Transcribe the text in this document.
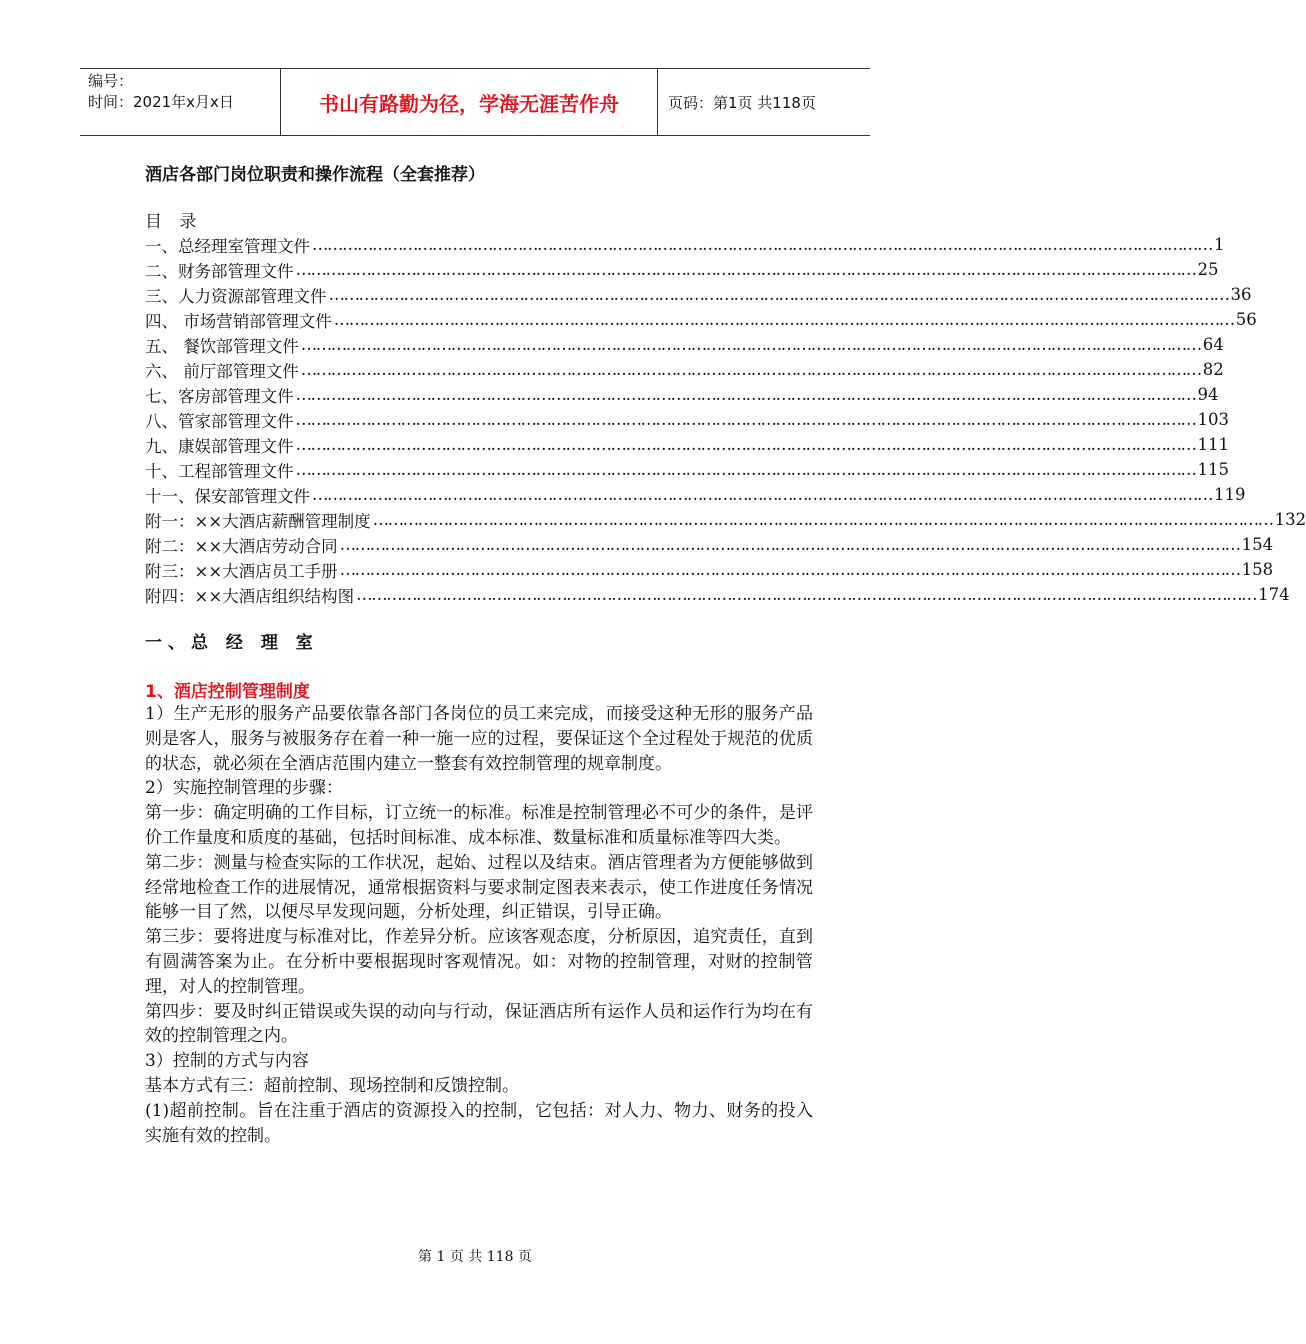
编号：
时间：2021年x月x日	书山有路勤为径，学海无涯苦作舟	页码：第1页 共118页
酒店各部门岗位职责和操作流程（全套推荐）
目 录
一、总经理室管理文件 ……………………………………………………………………………………………………………………………………………………………… 1
二、财务部管理文件 ……………………………………………………………………………………………………………………………………………………………… 25
三、人力资源部管理文件 ……………………………………………………………………………………………………………………………………………………………… 36
四、 市场营销部管理文件 ……………………………………………………………………………………………………………………………………………………………… 56
五、 餐饮部管理文件 ……………………………………………………………………………………………………………………………………………………………… 64
六、 前厅部管理文件 ……………………………………………………………………………………………………………………………………………………………… 82
七、客房部管理文件 ……………………………………………………………………………………………………………………………………………………………… 94
八、管家部管理文件 ……………………………………………………………………………………………………………………………………………………………… 103
九、康娱部管理文件 ……………………………………………………………………………………………………………………………………………………………… 111
十、工程部管理文件 ……………………………………………………………………………………………………………………………………………………………… 115
十一、保安部管理文件 ……………………………………………………………………………………………………………………………………………………………… 119
附一：××大酒店薪酬管理制度 ……………………………………………………………………………………………………………………………………………………………… 132
附二：××大酒店劳动合同 ……………………………………………………………………………………………………………………………………………………………… 154
附三：××大酒店员工手册 ……………………………………………………………………………………………………………………………………………………………… 158
附四：××大酒店组织结构图 ……………………………………………………………………………………………………………………………………………………………… 174
一、总 经 理 室
1、酒店控制管理制度

1）生产无形的服务产品要依靠各部门各岗位的员工来完成，而接受这种无形的服务产品则是客人，服务与被服务存在着一种一施一应的过程，要保证这个全过程处于规范的优质的状态，就必须在全酒店范围内建立一整套有效控制管理的规章制度。

2）实施控制管理的步骤：

第一步：确定明确的工作目标，订立统一的标准。标准是控制管理必不可少的条件，是评价工作量度和质度的基础，包括时间标准、成本标准、数量标准和质量标准等四大类。

第二步：测量与检查实际的工作状况，起始、过程以及结束。酒店管理者为方便能够做到经常地检查工作的进展情况，通常根据资料与要求制定图表来表示，使工作进度任务情况能够一目了然，以便尽早发现问题，分析处理，纠正错误，引导正确。

第三步：要将进度与标准对比，作差异分析。应该客观态度，分析原因，追究责任，直到有圆满答案为止。在分析中要根据现时客观情况。如：对物的控制管理，对财的控制管理，对人的控制管理。

第四步：要及时纠正错误或失误的动向与行动，保证酒店所有运作人员和运作行为均在有效的控制管理之内。

3）控制的方式与内容

基本方式有三：超前控制、现场控制和反馈控制。

(1)超前控制。旨在注重于酒店的资源投入的控制，它包括：对人力、物力、财务的投入实施有效的控制。

第 1 页 共 118 页
